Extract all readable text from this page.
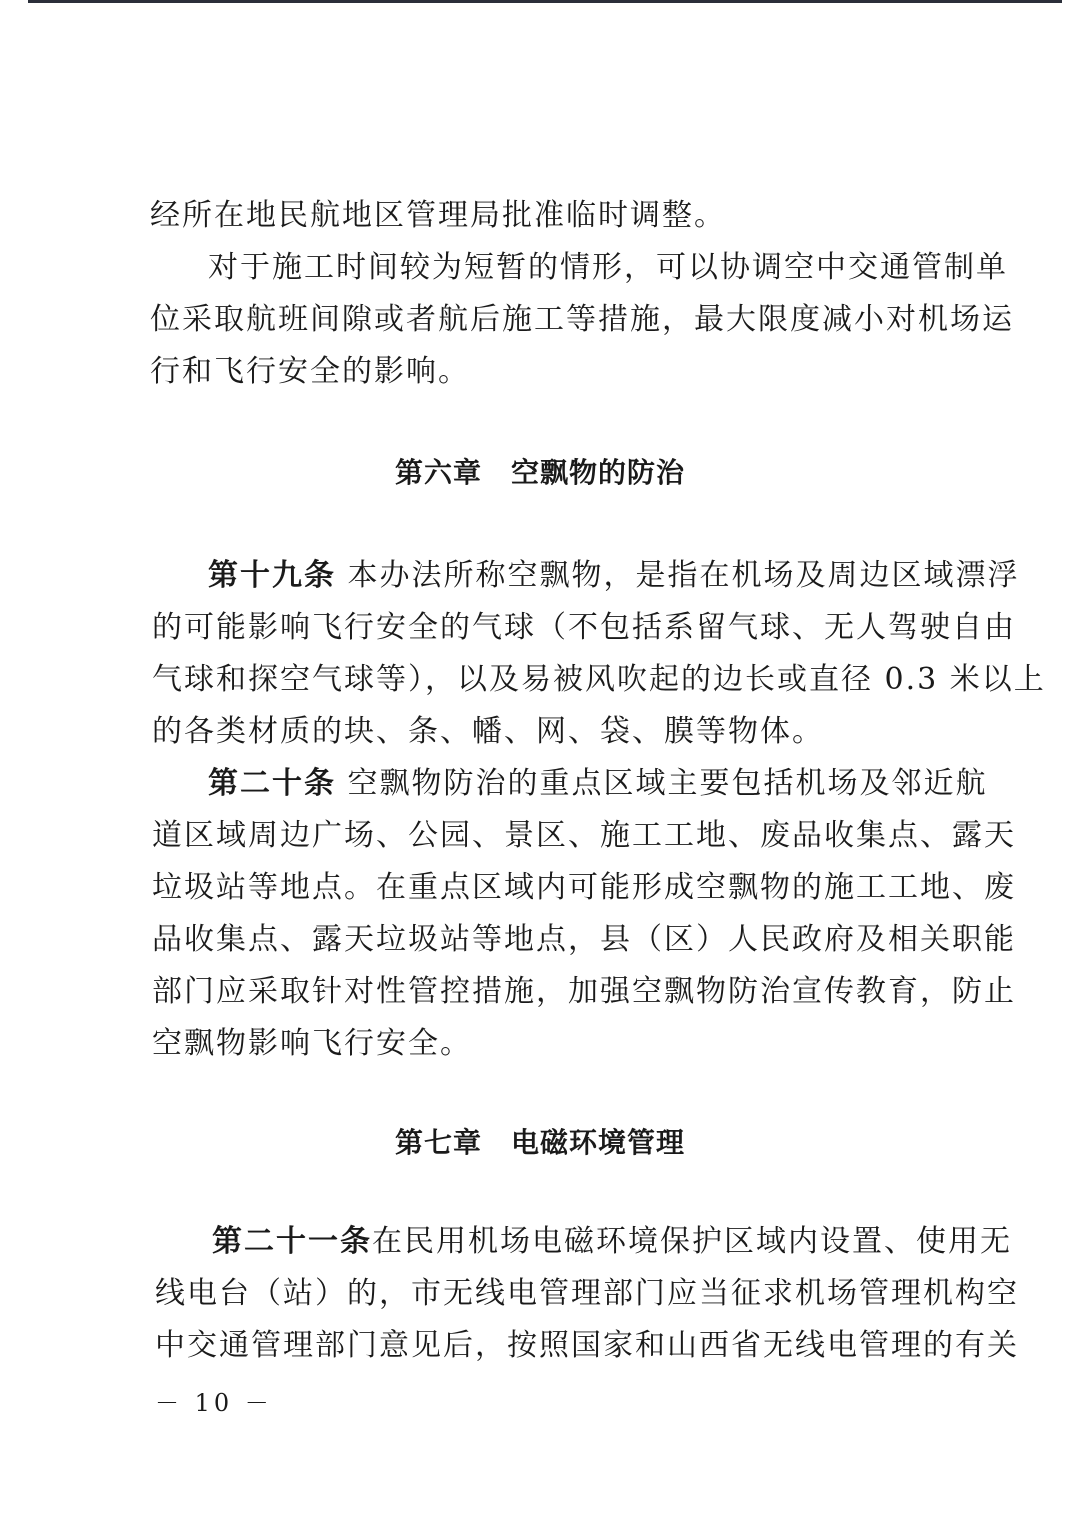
经所在地民航地区管理局批准临时调整。
对于施工时间较为短暂的情形，可以协调空中交通管制单
位采取航班间隙或者航后施工等措施，最大限度减小对机场运
行和飞行安全的影响。
第六章　空飘物的防治
第十九条 本办法所称空飘物，是指在机场及周边区域漂浮
的可能影响飞行安全的气球（不包括系留气球、无人驾驶自由
气球和探空气球等），以及易被风吹起的边长或直径 0.3 米以上
的各类材质的块、条、幡、网、袋、膜等物体。
第二十条 空飘物防治的重点区域主要包括机场及邻近航
道区域周边广场、公园、景区、施工工地、废品收集点、露天
垃圾站等地点。在重点区域内可能形成空飘物的施工工地、废
品收集点、露天垃圾站等地点，县（区）人民政府及相关职能
部门应采取针对性管控措施，加强空飘物防治宣传教育，防止
空飘物影响飞行安全。
第七章　电磁环境管理
第二十一条在民用机场电磁环境保护区域内设置、使用无
线电台（站）的，市无线电管理部门应当征求机场管理机构空
中交通管理部门意见后，按照国家和山西省无线电管理的有关
－ 10 －
